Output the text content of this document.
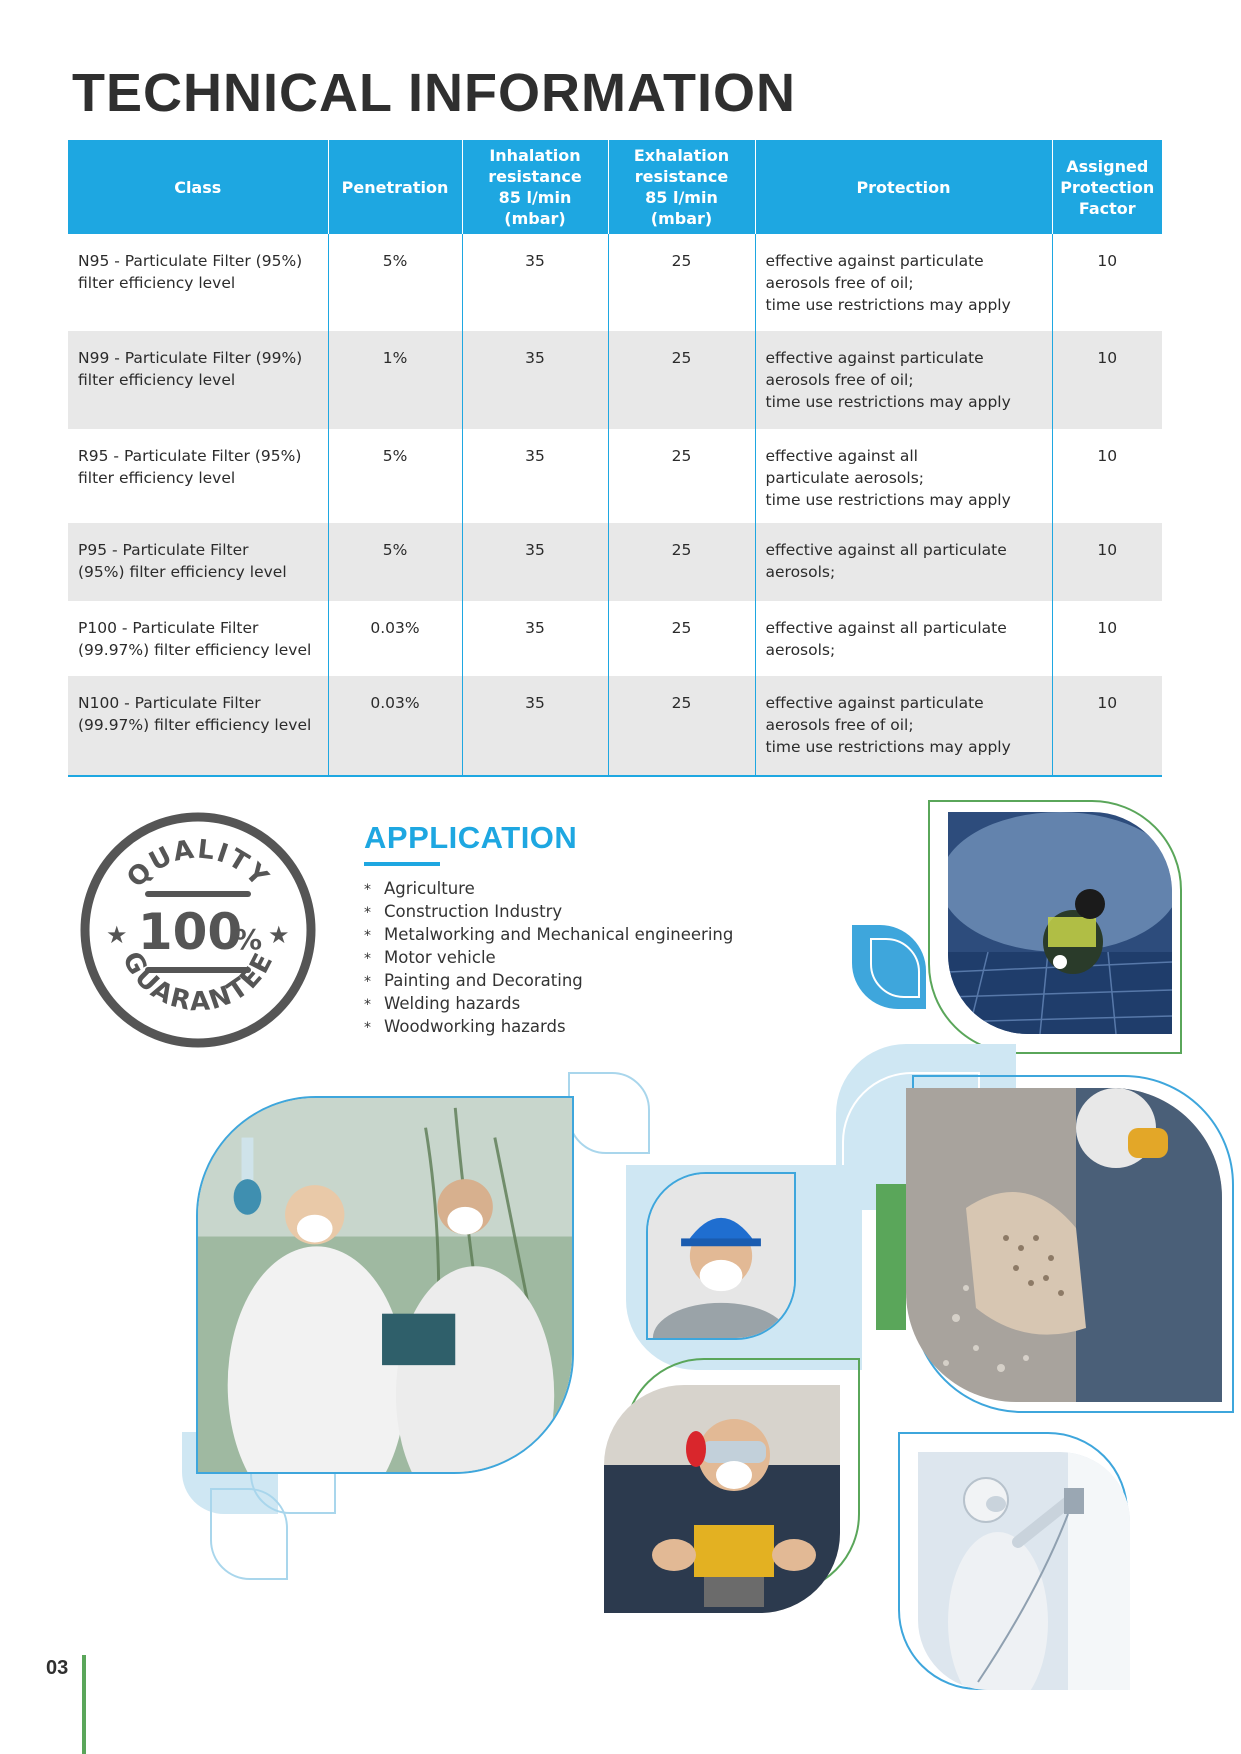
TECHNICAL INFORMATION
Class	Penetration	Inhalation
resistance
85 l/min (mbar)	Exhalation
resistance
85 l/min (mbar)	Protection	Assigned
Protection
Factor
N95 - Particulate Filter (95%)
filter efficiency level	5%	35	25	effective against particulate
aerosols free of oil;
time use restrictions may apply	10
N99 - Particulate Filter (99%)
filter efficiency level	1%	35	25	effective against particulate
aerosols free of oil;
time use restrictions may apply	10
R95 - Particulate Filter (95%)
filter efficiency level	5%	35	25	effective against all
particulate aerosols;
time use restrictions may apply	10
P95 - Particulate Filter
(95%) filter efficiency level	5%	35	25	effective against all particulate
aerosols;	10
P100 - Particulate Filter
(99.97%) filter efficiency level	0.03%	35	25	effective against all particulate
aerosols;	10
N100 - Particulate Filter
(99.97%) filter efficiency level	0.03%	35	25	effective against particulate
aerosols free of oil;
time use restrictions may apply	10
QUALITY
GUARANTEE
★	★
100
%
APPLICATION
* Agriculture
* Construction Industry
* Metalworking and Mechanical engineering
* Motor vehicle
* Painting and Decorating
* Welding hazards
* Woodworking hazards
03
